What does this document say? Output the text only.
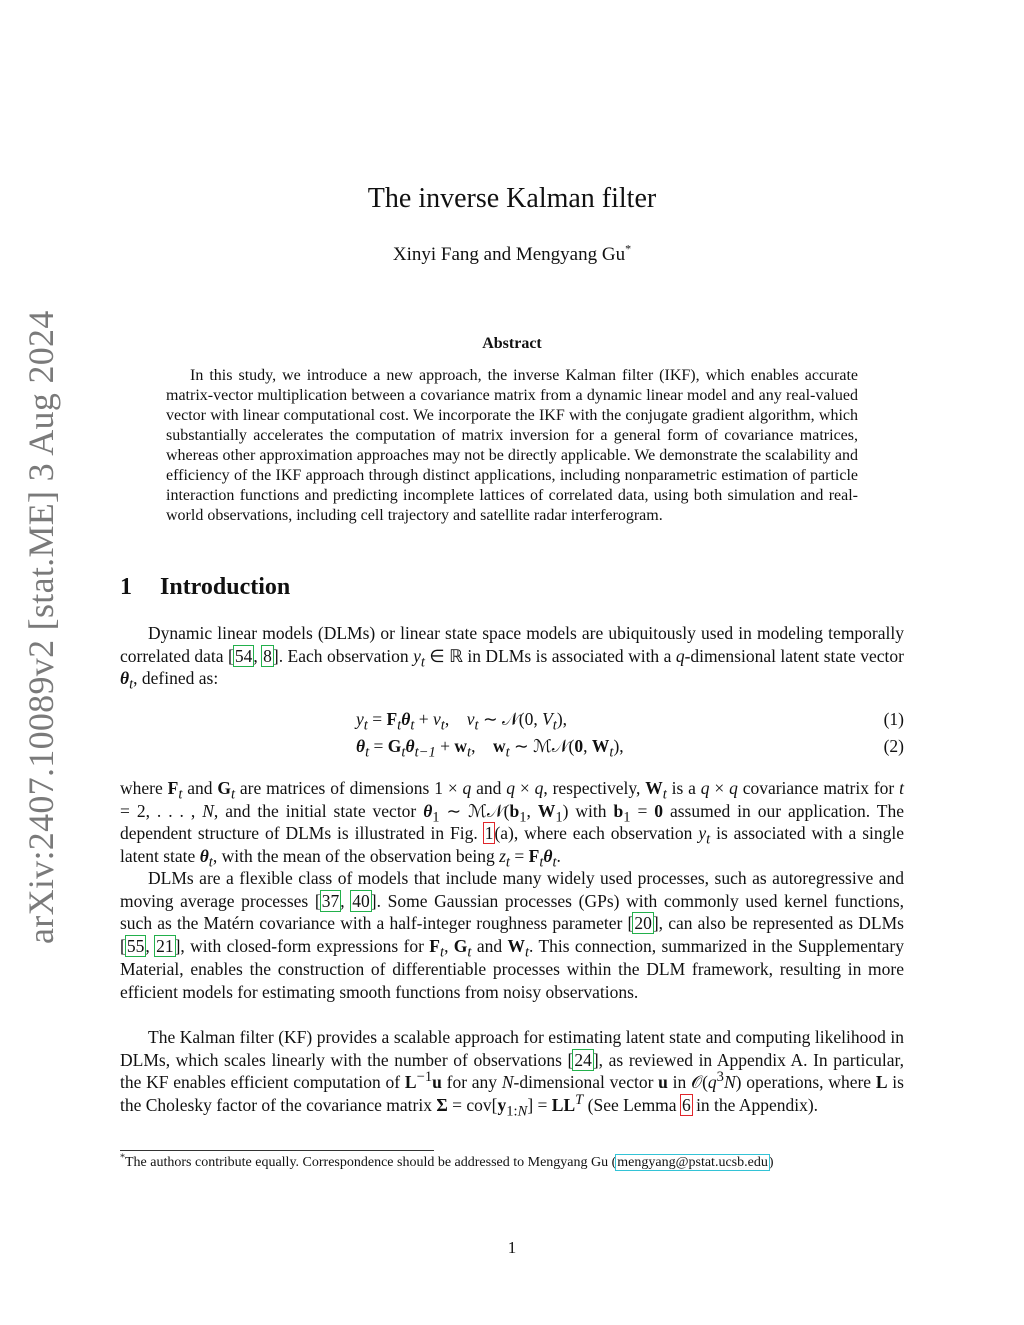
arXiv:2407.10089v2 [stat.ME] 3 Aug 2024
The inverse Kalman filter
Xinyi Fang and Mengyang Gu*
Abstract

In this study, we introduce a new approach, the inverse Kalman filter (IKF), which enables accurate matrix-vector multiplication between a covariance matrix from a dynamic linear model and any real-valued vector with linear computational cost. We incorporate the IKF with the conjugate gradient algorithm, which substantially accelerates the computation of matrix inversion for a general form of covariance matrices, whereas other approximation approaches may not be directly applicable. We demonstrate the scalability and efficiency of the IKF approach through distinct applications, including nonparametric estimation of particle interaction functions and predicting incomplete lattices of correlated data, using both simulation and real-world observations, including cell trajectory and satellite radar interferogram.

1 Introduction

Dynamic linear models (DLMs) or linear state space models are ubiquitously used in modeling temporally correlated data [54, 8]. Each observation $y_t$ ∈ ℝ in DLMs is associated with a q-dimensional latent state vector $\theta_t$, defined as:

$y_t = F_t\theta_t + v_t$,    $v_t$ ∼ 𝒩(0, $V_t$),	(1)
$\theta_t = G_t\theta_{t-1} + w_t$,    $w_t$ ∼ ℳ𝒩(0, $W_t$),	(2)

where $F_t$ and $G_t$ are matrices of dimensions 1 × q and q × q, respectively, $W_t$ is a q × q covariance matrix for t = 2, . . . , N, and the initial state vector $\theta_1$ ∼ $ℳ𝒩(b_1$, $W_1$) with $b_1 = 0$ assumed in our application. The dependent structure of DLMs is illustrated in Fig. 1(a), where each observation $y_t$ is associated with a single latent state $\theta_t$, with the mean of the observation being $z_t = F_t\theta_t$.

DLMs are a flexible class of models that include many widely used processes, such as autoregressive and moving average processes [37, 40]. Some Gaussian processes (GPs) with commonly used kernel functions, such as the Matérn covariance with a half-integer roughness parameter [20], can also be represented as DLMs [55, 21], with closed-form expressions for $F_t$, $G_t$ and $W_t$. This connection, summarized in the Supplementary Material, enables the construction of differentiable processes within the DLM framework, resulting in more efficient models for estimating smooth functions from noisy observations.

The Kalman filter (KF) provides a scalable approach for estimating latent state and computing likelihood in DLMs, which scales linearly with the number of observations [24], as reviewed in Appendix A. In particular, the KF enables efficient computation of $L^{-1}u$ for any N-dimensional vector u in $𝒪(q^3N)$ operations, where L is the Cholesky factor of the covariance matrix $\Sigma = cov[y_{1:N}] = LL^T$ (See Lemma 6 in the Appendix).

*The authors contribute equally. Correspondence should be addressed to Mengyang Gu (mengyang@pstat.ucsb.edu)

1
